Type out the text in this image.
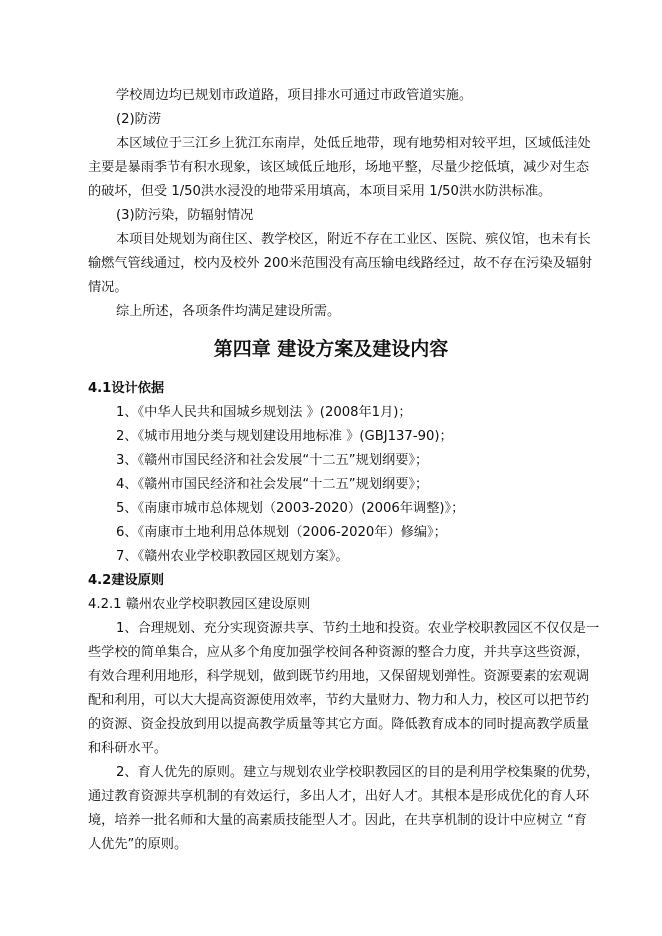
学校周边均已规划市政道路，项目排水可通过市政管道实施。
(2)防涝
本区域位于三江乡上犹江东南岸，处低丘地带，现有地势相对较平坦，区域低洼处
主要是暴雨季节有积水现象，该区域低丘地形，场地平整，尽量少挖低填，减少对生态
的破坏，但受 1/50洪水浸没的地带采用填高，本项目采用 1/50洪水防洪标准。
(3)防污染，防辐射情况
本项目处规划为商住区、教学校区，附近不存在工业区、医院、殡仪馆，也未有长
输燃气管线通过，校内及校外 200米范围没有高压输电线路经过，故不存在污染及辐射
情况。
综上所述，各项条件均满足建设所需。
第四章 建设方案及建设内容
4.1设计依据
1、《中华人民共和国城乡规划法 》(2008年1月)；
2、《城市用地分类与规划建设用地标准 》(GBJ137-90)；
3、《赣州市国民经济和社会发展“十二五”规划纲要》；
4、《赣州市国民经济和社会发展“十二五”规划纲要》；
5、《南康市城市总体规划（2003-2020）(2006年调整)》；
6、《南康市土地利用总体规划（2006-2020年）修编》；
7、《赣州农业学校职教园区规划方案》。
4.2建设原则
4.2.1 赣州农业学校职教园区建设原则
1、合理规划、充分实现资源共享、节约土地和投资。农业学校职教园区不仅仅是一
些学校的简单集合，应从多个角度加强学校间各种资源的整合力度，并共享这些资源，
有效合理利用地形，科学规划，做到既节约用地，又保留规划弹性。资源要素的宏观调
配和利用，可以大大提高资源使用效率，节约大量财力、物力和人力，校区可以把节约
的资源、资金投放到用以提高教学质量等其它方面。降低教育成本的同时提高教学质量
和科研水平。
2、育人优先的原则。建立与规划农业学校职教园区的目的是利用学校集聚的优势，
通过教育资源共享机制的有效运行，多出人才，出好人才。其根本是形成优化的育人环
境，培养一批名师和大量的高素质技能型人才。因此，在共享机制的设计中应树立 “育
人优先”的原则。
